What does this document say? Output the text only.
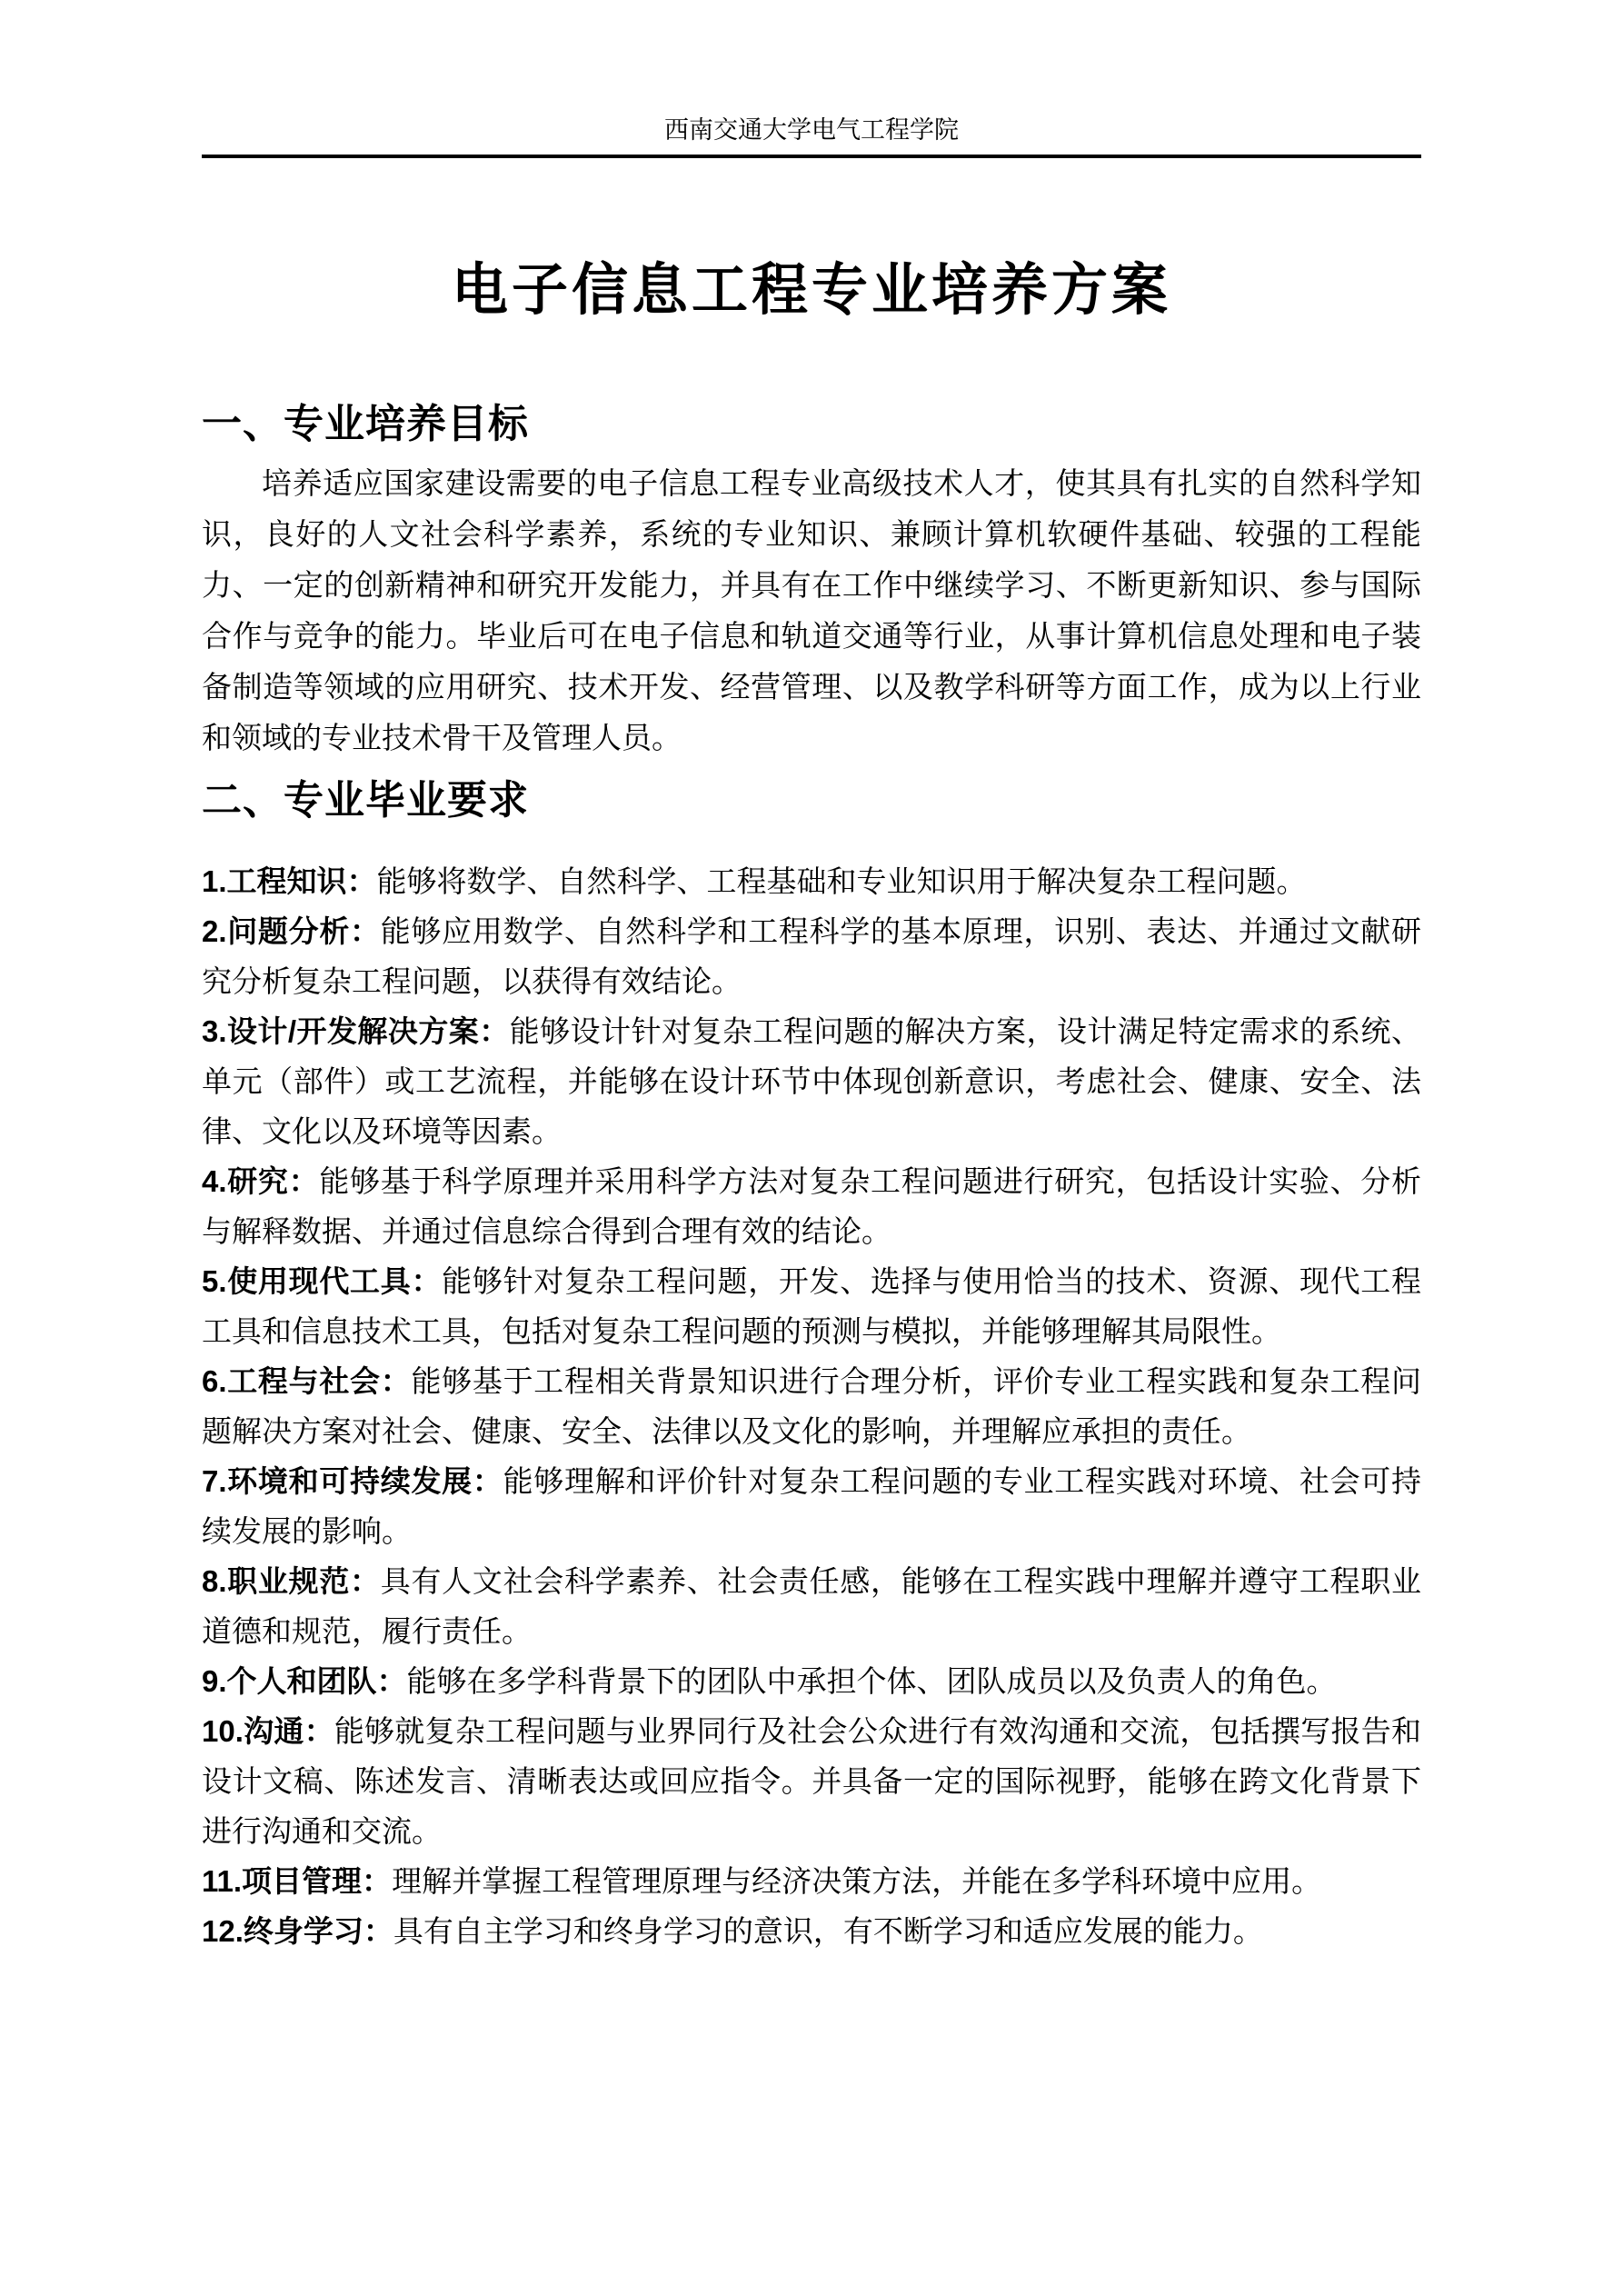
西南交通大学电气工程学院
电子信息工程专业培养方案
一、专业培养目标

培养适应国家建设需要的电子信息工程专业高级技术人才，使其具有扎实的自然科学知识，良好的人文社会科学素养，系统的专业知识、兼顾计算机软硬件基础、较强的工程能力、一定的创新精神和研究开发能力，并具有在工作中继续学习、不断更新知识、参与国际合作与竞争的能力。毕业后可在电子信息和轨道交通等行业，从事计算机信息处理和电子装备制造等领域的应用研究、技术开发、经营管理、以及教学科研等方面工作，成为以上行业和领域的专业技术骨干及管理人员。

二、专业毕业要求

1.工程知识：能够将数学、自然科学、工程基础和专业知识用于解决复杂工程问题。

2.问题分析：能够应用数学、自然科学和工程科学的基本原理，识别、表达、并通过文献研究分析复杂工程问题，以获得有效结论。

3.设计/开发解决方案：能够设计针对复杂工程问题的解决方案，设计满足特定需求的系统、单元（部件）或工艺流程，并能够在设计环节中体现创新意识，考虑社会、健康、安全、法律、文化以及环境等因素。

4.研究：能够基于科学原理并采用科学方法对复杂工程问题进行研究，包括设计实验、分析与解释数据、并通过信息综合得到合理有效的结论。

5.使用现代工具：能够针对复杂工程问题，开发、选择与使用恰当的技术、资源、现代工程工具和信息技术工具，包括对复杂工程问题的预测与模拟，并能够理解其局限性。

6.工程与社会：能够基于工程相关背景知识进行合理分析，评价专业工程实践和复杂工程问题解决方案对社会、健康、安全、法律以及文化的影响，并理解应承担的责任。

7.环境和可持续发展：能够理解和评价针对复杂工程问题的专业工程实践对环境、社会可持续发展的影响。

8.职业规范：具有人文社会科学素养、社会责任感，能够在工程实践中理解并遵守工程职业道德和规范，履行责任。

9.个人和团队：能够在多学科背景下的团队中承担个体、团队成员以及负责人的角色。

10.沟通：能够就复杂工程问题与业界同行及社会公众进行有效沟通和交流，包括撰写报告和设计文稿、陈述发言、清晰表达或回应指令。并具备一定的国际视野，能够在跨文化背景下进行沟通和交流。

11.项目管理：理解并掌握工程管理原理与经济决策方法，并能在多学科环境中应用。

12.终身学习：具有自主学习和终身学习的意识，有不断学习和适应发展的能力。
